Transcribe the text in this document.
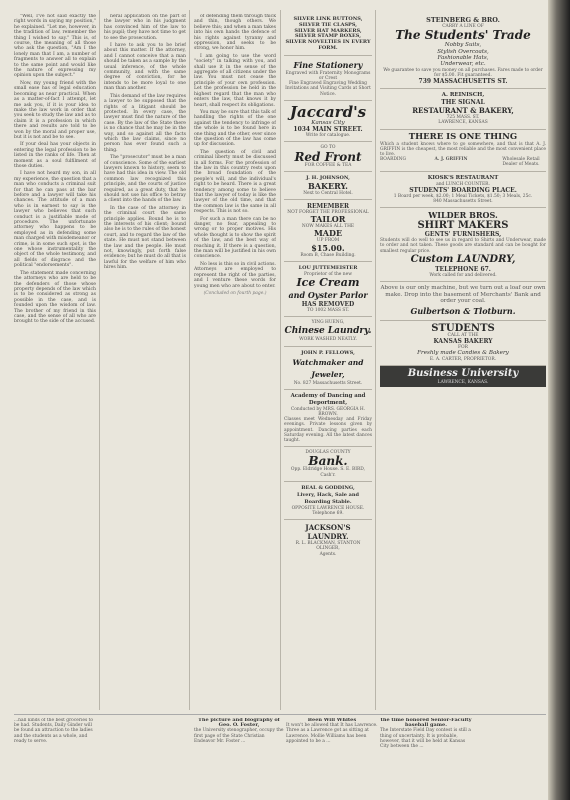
"Well, I've not said exactly the right words in saying my position," he explained. "Let me, however, in the tradition of law, remember the thing I wished to say." This is, of course, the meaning of all those who ask the question, "Am I the lonely man that I am, a number of fragments to answer all to explain to the same point and would like the nature of expressing my opinion upon the subject."

Now, my young friend with the small ease has of legal education becoming as near practical. When as a matter-of-fact I attempt, let me ask you, if it is your idea to make the law work in order that you seek to study the law and as to claim it is a profession in which there and results are told to be won by the moral and proper use, but it is not and be to see.

If your deal has your objects in entering the legal profession to be listed in the ranks of life. Then at moment as a soul fulfilment of those duties.

I have not heard my son, in all my experience, the question that a man who conducts a criminal suit for that he can pass at the bar before and a lawyer will take his chances. The attitude of a man who is in earnest to say is the lawyer who believes that such conduct is a justifiable mode of procedure. The unfortunate attorney who happens to be employed as in defending some man charged with misdemeanor or crime, is in some such spot, is the one whose instrumentality the object of the whole testimony, and all fields of disgrace and the political "endorsements".

The statement made concerning the attorneys who are held to be the defenders of those whose property depends of the law which is to be considered as strong as possible in the case, and is founded upon the wisdom of law. The brother of my friend in this case, and the sense of all who are brought to the side of the accused.

neral application on the part of the lawyer who in his judgment has convinced him of the law to his pupil; they have not time to get to see the prosecution.

I have to ask you to be brief about this matter. If the attorney, and I cannot conceive that a man should be taken as a sample by the usual inference, of the whole community, and with the same degree of conviction, for he intends to be more loyal to one man than another.

This demand of the law requires a lawyer to be supposed that the rights of a litigant should be protected. In every case, the lawyer must find the nature of the case. By the law of the State there is no chance that he may be in the way, and so against all the facts which the law claims, since no person has ever found such a thing.

The "prosecutor" must be a man of conscience. Some of the earliest lawyers known to history, seem to have had this idea in view. The old common law recognized this principle, and the courts of justice required, as a great duty, that he should not use his office to betray a client into the hands of the law.

In the case of the attorney in the criminal court the same principle applies. Bound he is to the interests of his client; bound also he is to the rules of the honest court, and to regard the law of the state. He must not stand between the law and the people. He must not, knowingly, put forth false evidence; but he must do all that is lawful for the welfare of him who hires him.

of defending them through thick and thin, though others. We believe this; and when a man takes into his own hands the defence of his rights against tyranny and oppression, and seeks to be strong, we honor him.

I am going to use the word "society" in talking with you, and shall use it in the sense of the aggregate of all citizens under the law. You must not cease the principle of your own profession. Let the profession be held in the highest regard that the man who enters the law, that knows it by heart, shall respect its obligations.

You may be sure that this talk of handling the rights of the one against the tendency to infringe of the whole is to be found here in one thing and the other, ever since the question of the law has come up for discussion.

The question of civil and criminal liberty must be discussed in all forms. For the profession of the law in this country rests upon the broad foundation of the people's will, and the individual's right to be heard. There is a great tendency among some to believe that the lawyer of today is like the lawyer of the old time, and that the common law is the same in all respects. This is not so.

For such a man there can be no danger, no fear, appealing to wrong or to proper motives. His whole thought is to show the spirit of the law, and the best way of reaching it. If there is a question, the man will be justified in his own conscience.

No less is this so in civil actions. Attorneys are employed to represent the right of the parties, and I venture these words for young men who are about to enter.

(Concluded on fourth page.)
SILVER LINK BUTTONS,
SILVER TIE CLASPS,
SILVER HAT MARKERS,
SILVER STAMP BOXES,
SILVER NOVELTIES IN EVERY FORM.
Fine Stationery
Engraved with Fraternity Monograms or Crest
Fine Engraved Engraving Wedding Invitations and Visiting Cards at Short Notice.
Jaccard's
Kansas City
1034 MAIN STREET.
Write for catalogue.
GO TO
Red Front
FOR COFFEE & TEA
J. H. JOHNSON,
BAKERY.
Next to Central Hotel.
REMEMBER
NOT FORGET THE PROFESSIONAL
TAILOR
NOW MAKES ALL THE
MADE
UP FROM
$15.00.
Room B, Chase Building.
LOU JUTTEMEISTER
Proprietor of the new
Ice Cream
and Oyster Parlor
HAS REMOVED
TO 1002 MASS ST.
YING HUENG,
Chinese Laundry.
WORK WASHED NEATLY.
JOHN P. FELLOWS,
Watchmaker and Jeweler,
No. 827 Massachusetts Street.
Academy of Dancing and Deportment,
Conducted by MRS. GEORGIA H. BROWN.
Classes meet Wednesday and Friday evenings. Private lessons given by appointment. Dancing parties each Saturday evening. All the latest dances taught.
DOUGLAS COUNTY
Bank.
Opp. Eldridge House. S. E. BIRD, Cash'r.
BEAL & GODDING,
Livery, Hack, Sale and Boarding Stable.
OPPOSITE LAWRENCE HOUSE.
Telephone 69.
JACKSON'S LAUNDRY.
R. L. BLACKMAN, STANTON OLINGER,
Agents.
STEINBERG & BRO.
CARRY A LINE OF
The Students' Trade
Nobby Suits,
Stylish Overcoats,
Fashionable Hats,
Underwear, etc.
We guarantee to save you money on all purchases. Fares made to order for $5.00. Fit guaranteed.
739 MASSACHUSETTS ST.
A. REINISCH,
THE SIGNAL
RESTAURANT & BAKERY,
725 MASS. ST.
LAWRENCE, KANSAS
THERE IS ONE THING
Which a student knows where to go somewhere, and that is that A. J. GRIFFIN is the cheapest, the most reliable and the most convenient place to live.
BOARDING	A. J. GRIFFIN	Wholesale Retail Dealer of Meats.
KIOSK'S RESTAURANT
and LUNCH COUNTER.
STUDENTS' BOARDING PLACE.
1 Board per week, $2.00; 1 Meal Tickets, $1.50; 3 Meals, 25c.
840 Massachusetts Street.
WILDER BROS.
SHIRT MAKERS
GENTS' FURNISHERS,
Students will do well to see us in regard to Shirts and Underwear, made to order and not taken. These goods are standard and can be bought for smallest regular price.
Custom LAUNDRY,
TELEPHONE 67.
Work called for and delivered.
Above is our only machine, but we turn out a loaf our own make. Drop into the basement of Merchants' Bank and order your coal.
Gulbertson & Tlotburn.
STUDENTS
CALL AT THE
KANSAS BAKERY
FOR
Freshly made Candies & Bakery
E. A. CARTER, PROPRIETOR.
Business University
LAWRENCE, KANSAS.
...hall kinds of the best groceries to be had. Students, Daily Ginder will be found an attraction to the ladies and the students as a whole, and ready to serve.
The picture and biography of Geo. O. Foster,
the University stenographer, occupy the first page of the State Christian Endeavor Mr. Foster ...
Been Will Whites
It won't be allowed that It has Lawrence. Three as a Lawrence got as sitting at Lawrence. Mollie Williams has been appointed to be a ...
the time honored Senior-Faculty baseball game.
The Interstate Field Day contest is still a thing of uncertainty. It is probable, however, that it will be held at Kansas City between the ...
